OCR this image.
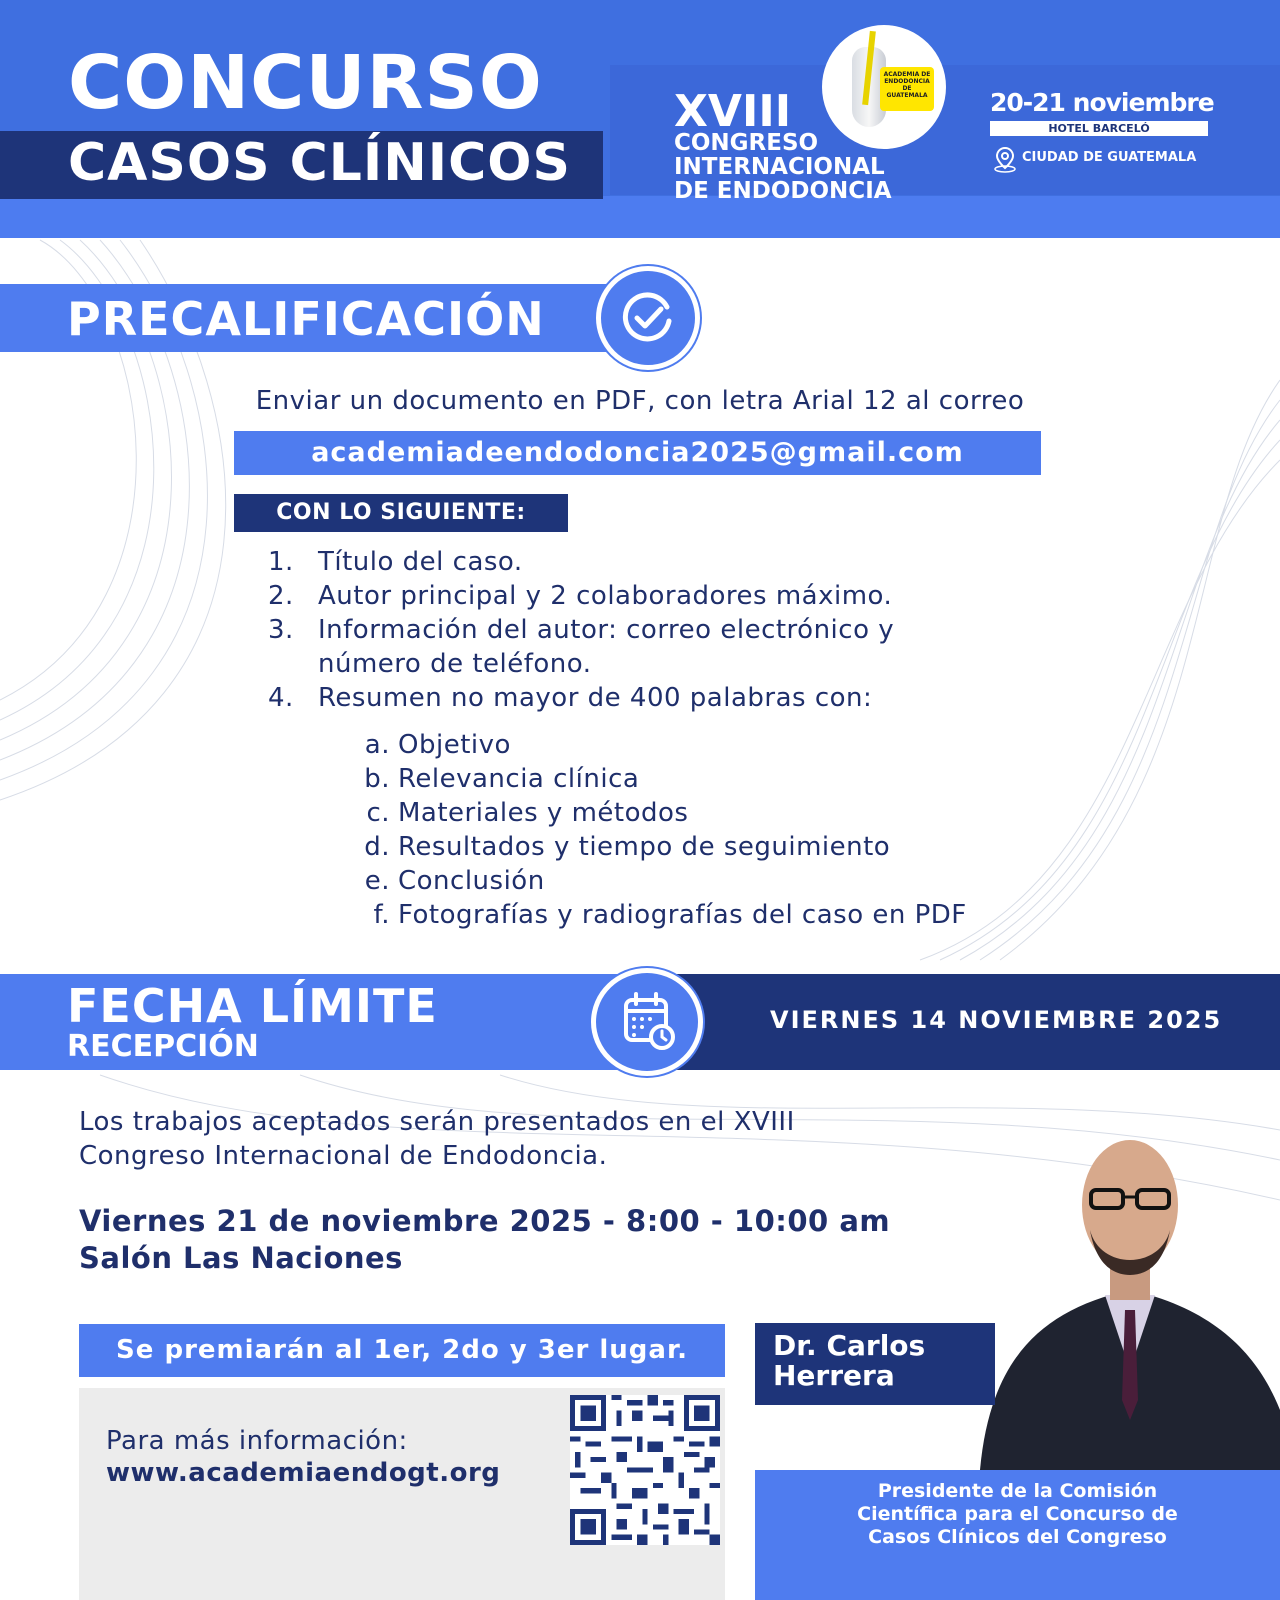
CONCURSO
CASOS CLÍNICOS
ACADEMIA DE
ENDODONCIA
DE
GUATEMALA
XVIII
CONGRESO
INTERNACIONAL
DE ENDODONCIA
20-21 noviembre
HOTEL BARCELÓ
CIUDAD DE GUATEMALA
PRECALIFICACIÓN
Enviar un documento en PDF, con letra Arial 12 al correo
academiadeendodoncia2025@gmail.com
CON LO SIGUIENTE:
1. Título del caso.
2. Autor principal y 2 colaboradores máximo.
3. Información del autor: correo electrónico y
número de teléfono.
4. Resumen no mayor de 400 palabras con:
a. Objetivo
b. Relevancia clínica
c. Materiales y métodos
d. Resultados y tiempo de seguimiento
e. Conclusión
f. Fotografías y radiografías del caso en PDF
FECHA LÍMITE
RECEPCIÓN
VIERNES 14 NOVIEMBRE 2025
Los trabajos aceptados serán presentados en el XVIII
Congreso Internacional de Endodoncia.
Viernes 21 de noviembre 2025 - 8:00 - 10:00 am
Salón Las Naciones
Se premiarán al 1er, 2do y 3er lugar.
Para más información:
www.academiaendogt.org
Dr. Carlos
Herrera
Presidente de la Comisión
Científica para el Concurso de
Casos Clínicos del Congreso
